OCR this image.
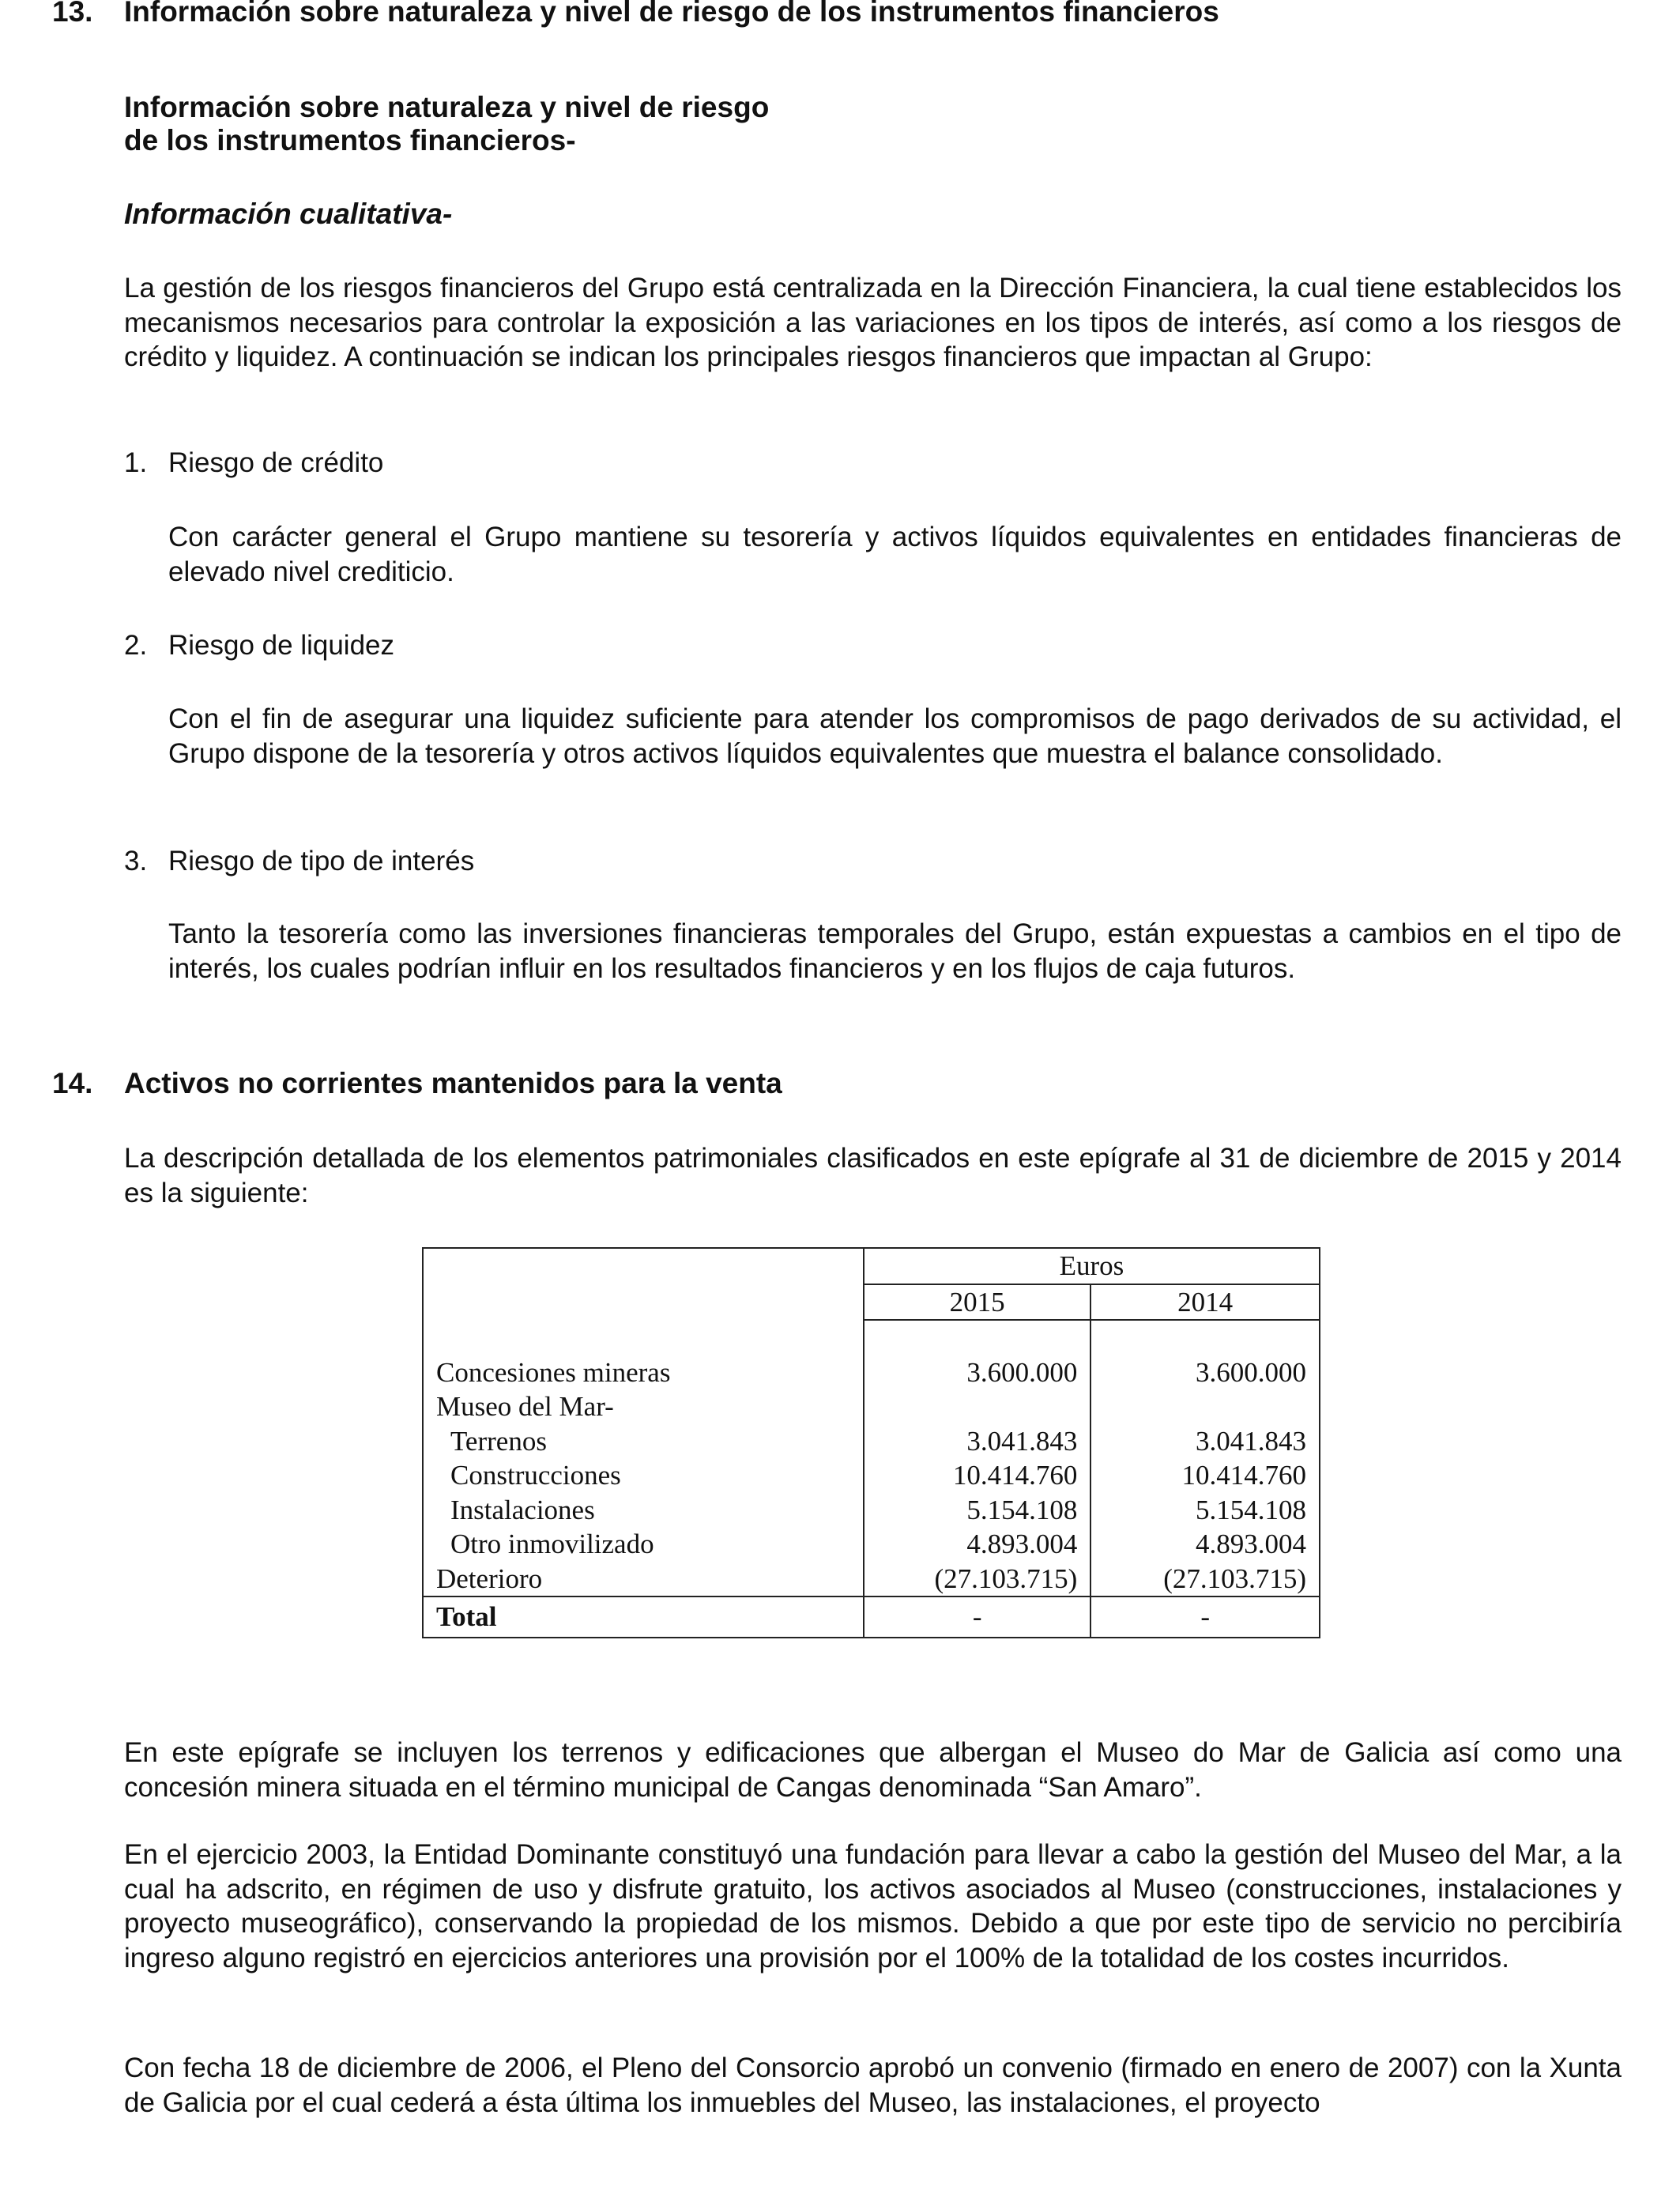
13. Información sobre naturaleza y nivel de riesgo de los instrumentos financieros
Información sobre naturaleza y nivel de riesgo
de los instrumentos financieros-
Información cualitativa-
La gestión de los riesgos financieros del Grupo está centralizada en la Dirección Financiera, la cual tiene establecidos los mecanismos necesarios para controlar la exposición a las variaciones en los tipos de interés, así como a los riesgos de crédito y liquidez. A continuación se indican los principales riesgos financieros que impactan al Grupo:
1. Riesgo de crédito
Con carácter general el Grupo mantiene su tesorería y activos líquidos equivalentes en entidades financieras de elevado nivel crediticio.
2. Riesgo de liquidez
Con el fin de asegurar una liquidez suficiente para atender los compromisos de pago derivados de su actividad, el Grupo dispone de la tesorería y otros activos líquidos equivalentes que muestra el balance consolidado.
3. Riesgo de tipo de interés
Tanto la tesorería como las inversiones financieras temporales del Grupo, están expuestas a cambios en el tipo de interés, los cuales podrían influir en los resultados financieros y en los flujos de caja futuros.
14. Activos no corrientes mantenidos para la venta
La descripción detallada de los elementos patrimoniales clasificados en este epígrafe al 31 de diciembre de 2015 y 2014 es la siguiente:
	Euros	
	2015	2014

Concesiones mineras	3.600.000	3.600.000
Museo del Mar-		
Terrenos	3.041.843	3.041.843
Construcciones	10.414.760	10.414.760
Instalaciones	5.154.108	5.154.108
Otro inmovilizado	4.893.004	4.893.004
Deterioro	(27.103.715)	(27.103.715)
Total	-	-
En este epígrafe se incluyen los terrenos y edificaciones que albergan el Museo do Mar de Galicia así como una concesión minera situada en el término municipal de Cangas denominada “San Amaro”.
En el ejercicio 2003, la Entidad Dominante constituyó una fundación para llevar a cabo la gestión del Museo del Mar, a la cual ha adscrito, en régimen de uso y disfrute gratuito, los activos asociados al Museo (construcciones, instalaciones y proyecto museográfico), conservando la propiedad de los mismos. Debido a que por este tipo de servicio no percibiría ingreso alguno registró en ejercicios anteriores una provisión por el 100% de la totalidad de los costes incurridos.
Con fecha 18 de diciembre de 2006, el Pleno del Consorcio aprobó un convenio (firmado en enero de 2007) con la Xunta de Galicia por el cual cederá a ésta última los inmuebles del Museo, las instalaciones, el proyecto
